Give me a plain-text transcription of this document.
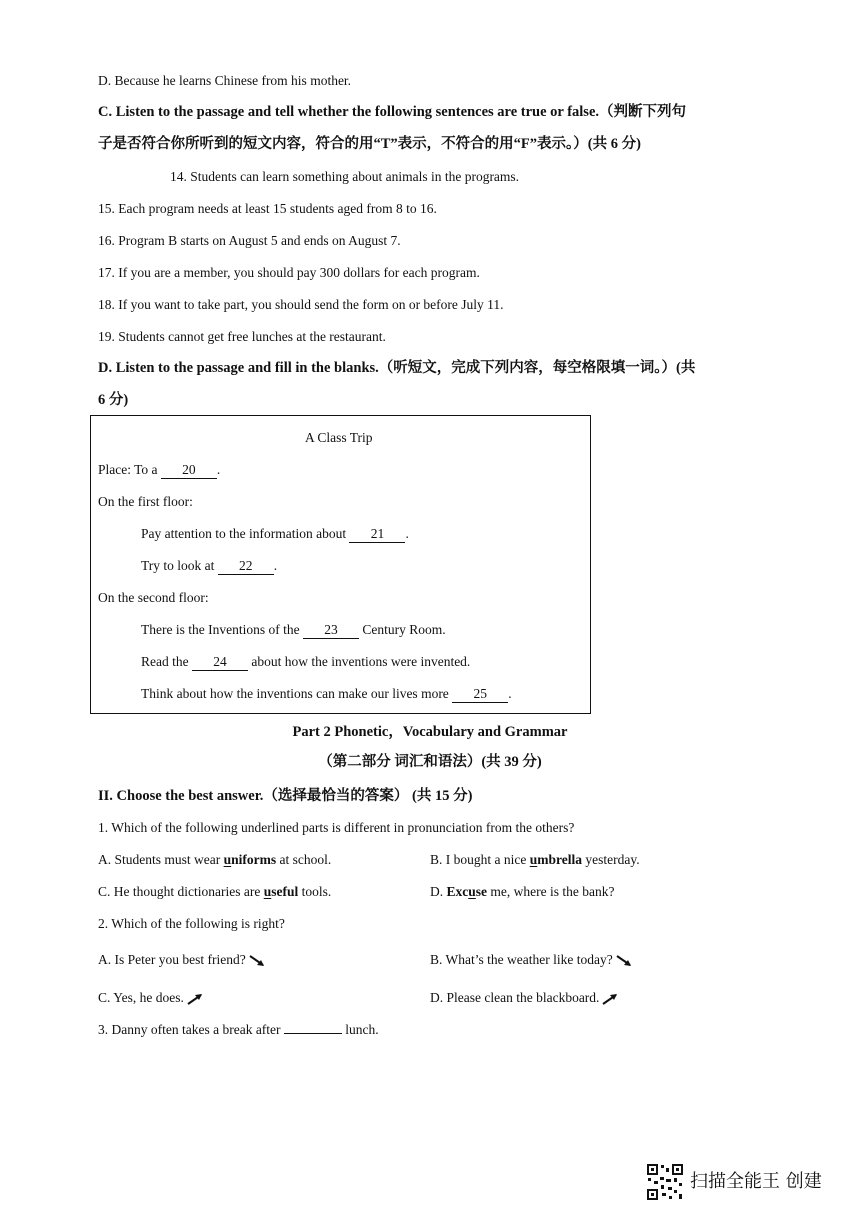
D. Because he learns Chinese from his mother.
C. Listen to the passage and tell whether the following sentences are true or false.（判断下列句
子是否符合你所听到的短文内容，符合的用“T”表示，不符合的用“F”表示。）(共 6 分)
14. Students can learn something about animals in the programs.
15. Each program needs at least 15 students aged from 8 to 16.
16. Program B starts on August 5 and ends on August 7.
17. If you are a member, you should pay 300 dollars for each program.
18. If you want to take part, you should send the form on or before July 11.
19. Students cannot get free lunches at the restaurant.
D. Listen to the passage and fill in the blanks.（听短文，完成下列内容，每空格限填一词。）(共
6 分)
A Class Trip
Place: To a 20 .
On the first floor:
Pay attention to the information about 21 .
Try to look at 22 .
On the second floor:
There is the Inventions of the 23 Century Room.
Read the 24 about how the inventions were invented.
Think about how the inventions can make our lives more 25 .
Part 2 Phonetic，Vocabulary and Grammar
（第二部分 词汇和语法）(共 39 分)
II. Choose the best answer.（选择最恰当的答案） (共 15 分)
1. Which of the following underlined parts is different in pronunciation from the others?
A. Students must wear uniforms at school.	B. I bought a nice umbrella yesterday.
C. He thought dictionaries are useful tools.	D. Excuse me, where is the bank?
2. Which of the following is right?
A. Is Peter you best friend?	B. What’s the weather like today?
C. Yes, he does.	D. Please clean the blackboard.
3. Danny often takes a break after	lunch.
扫描全能王 创建
